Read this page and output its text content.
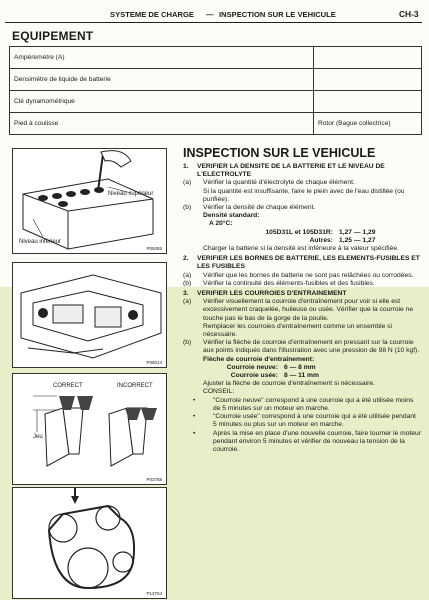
SYSTEME DE CHARGE — INSPECTION SUR LE VEHICULE	CH-3
EQUIPEMENT
Ampèremètre (A)	
Densimètre de liquide de batterie	
Clé dynamométrique	
Pied à coulisse	Rotor (Bague collectrice)
Niveau supérieur
Niveau inférieur
P05055
P05014
CORRECT	INCORRECT
Jeu
P03788
P13704
INSPECTION SUR LE VEHICULE
1.	VERIFIER LA DENSITE DE LA BATTERIE ET LE NIVEAU DE L'ELECTROLYTE
(a)	Vérifier la quantité d'électrolyte de chaque élément.
Si la quantité est insuffisante, faire le plein avec de l'eau distillée (ou purifiée).
(b)	Vérifier la densité de chaque élément.
Densité standard:
A 20°C:
105D31L et 105D31R: 1,27 — 1,29
Autres: 1,25 — 1,27
Charger la batterie si la densité est inférieure à la valeur spécifiée.
2.	VERIFIER LES BORNES DE BATTERIE, LES ELEMENTS-FUSIBLES ET LES FUSIBLES
(a)	Vérifier que les bornes de batterie ne sont pas relâchées ou corrodées.
(b)	Vérifier la continuité des éléments-fusibles et des fusibles.
3.	VERIFIER LES COURROIES D'ENTRAINEMENT
(a)	Vérifier visuellement la courroie d'entraînement pour voir si elle est excessivement craquelée, huileuse ou usée. Vérifier que la courroie ne touche pas le bas de la gorge de la poulie.
Remplacer les courroies d'entraînement comme un ensemble si nécessaire.
(b)	Vérifier la flèche de courroie d'entraînement en pressant sur la courroie aux points indiqués dans l'illustration avec une pression de 98 N (10 kgf).
Flèche de courroie d'entraînement:
Courroie neuve: 6 — 8 mm
Courroie usée: 8 — 11 mm
Ajuster la flèche de courroie d'entraînement si nécessaire.
CONSEIL:
•	"Courroie neuve" correspond à une courroie qui a été utilisée moins de 5 minutes sur un moteur en marche.
•	"Courroie usée" correspond à une courroie qui a été utilisée pendant 5 minutes ou plus sur un moteur en marche.
•	Après la mise en place d'une nouvelle courroie, faire tourner le moteur pendant environ 5 minutes et vérifier de nouveau la tension de la courroie.
